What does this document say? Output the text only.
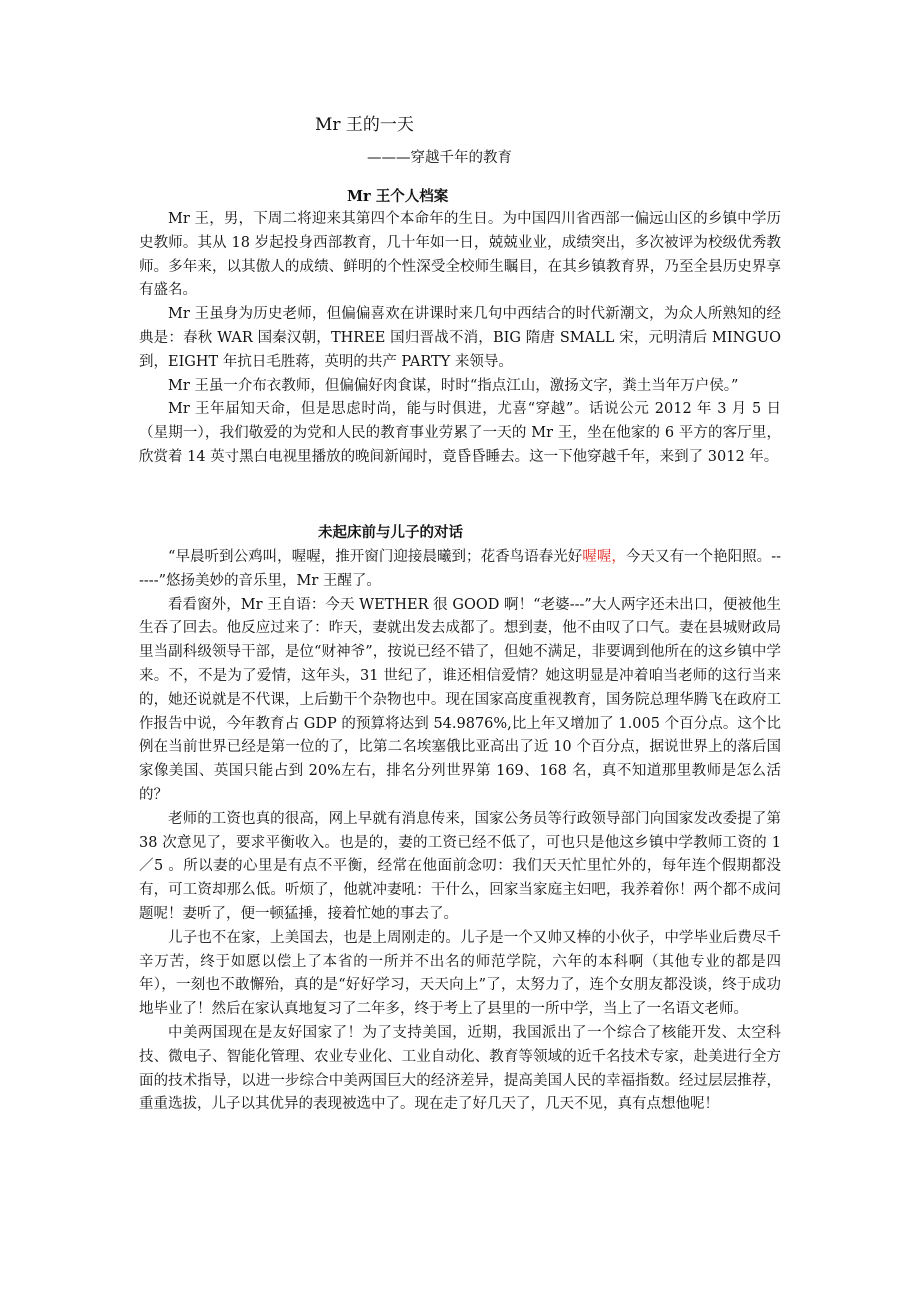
Mr 王的一天
———穿越千年的教育
Mr 王个人档案

Mr 王，男，下周二将迎来其第四个本命年的生日。为中国四川省西部一偏远山区的乡镇中学历史教师。其从 18 岁起投身西部教育，几十年如一日，兢兢业业，成绩突出，多次被评为校级优秀教师。多年来，以其傲人的成绩、鲜明的个性深受全校师生瞩目，在其乡镇教育界，乃至全县历史界享有盛名。

Mr 王虽身为历史老师，但偏偏喜欢在讲课时来几句中西结合的时代新潮文，为众人所熟知的经典是：春秋 WAR 国秦汉朝，THREE 国归晋战不消，BIG 隋唐 SMALL 宋，元明清后 MINGUO 到，EIGHT 年抗日毛胜蒋，英明的共产 PARTY 来领导。

Mr 王虽一介布衣教师，但偏偏好肉食谋，时时“指点江山，激扬文字，粪土当年万户侯。”

Mr 王年届知天命，但是思虑时尚，能与时俱进，尤喜“穿越”。话说公元 2012 年 3 月 5 日（星期一），我们敬爱的为党和人民的教育事业劳累了一天的 Mr 王，坐在他家的 6 平方的客厅里，欣赏着 14 英寸黑白电视里播放的晚间新闻时，竟昏昏睡去。这一下他穿越千年，来到了 3012 年。

未起床前与儿子的对话

“早晨听到公鸡叫，喔喔，推开窗门迎接晨曦到；花香鸟语春光好喔喔，今天又有一个艳阳照。------”悠扬美妙的音乐里，Mr 王醒了。

看看窗外，Mr 王自语：今天 WETHER 很 GOOD 啊！“老婆---”大人两字还未出口，便被他生生吞了回去。他反应过来了：昨天，妻就出发去成都了。想到妻，他不由叹了口气。妻在县城财政局里当副科级领导干部，是位“财神爷”，按说已经不错了，但她不满足，非要调到他所在的这乡镇中学来。不，不是为了爱情，这年头，31 世纪了，谁还相信爱情？她这明显是冲着咱当老师的这行当来的，她还说就是不代课，上后勤干个杂物也中。现在国家高度重视教育，国务院总理华腾飞在政府工作报告中说，今年教育占 GDP 的预算将达到 54.9876%,比上年又增加了 1.005 个百分点。这个比例在当前世界已经是第一位的了，比第二名埃塞俄比亚高出了近 10 个百分点，据说世界上的落后国家像美国、英国只能占到 20%左右，排名分列世界第 169、168 名，真不知道那里教师是怎么活的？

老师的工资也真的很高，网上早就有消息传来，国家公务员等行政领导部门向国家发改委提了第 38 次意见了，要求平衡收入。也是的，妻的工资已经不低了，可也只是他这乡镇中学教师工资的 1／5 。所以妻的心里是有点不平衡，经常在他面前念叨：我们天天忙里忙外的，每年连个假期都没有，可工资却那么低。听烦了，他就冲妻吼：干什么，回家当家庭主妇吧，我养着你！两个都不成问题呢！妻听了，便一顿猛捶，接着忙她的事去了。

儿子也不在家，上美国去，也是上周刚走的。儿子是一个又帅又棒的小伙子，中学毕业后费尽千辛万苦，终于如愿以偿上了本省的一所并不出名的师范学院，六年的本科啊（其他专业的都是四年），一刻也不敢懈殆，真的是“好好学习，天天向上”了，太努力了，连个女朋友都没谈，终于成功地毕业了！然后在家认真地复习了二年多，终于考上了县里的一所中学，当上了一名语文老师。

中美两国现在是友好国家了！为了支持美国，近期，我国派出了一个综合了核能开发、太空科技、微电子、智能化管理、农业专业化、工业自动化、教育等领域的近千名技术专家，赴美进行全方面的技术指导，以进一步综合中美两国巨大的经济差异，提高美国人民的幸福指数。经过层层推荐，重重选拔，儿子以其优异的表现被选中了。现在走了好几天了，几天不见，真有点想他呢！
